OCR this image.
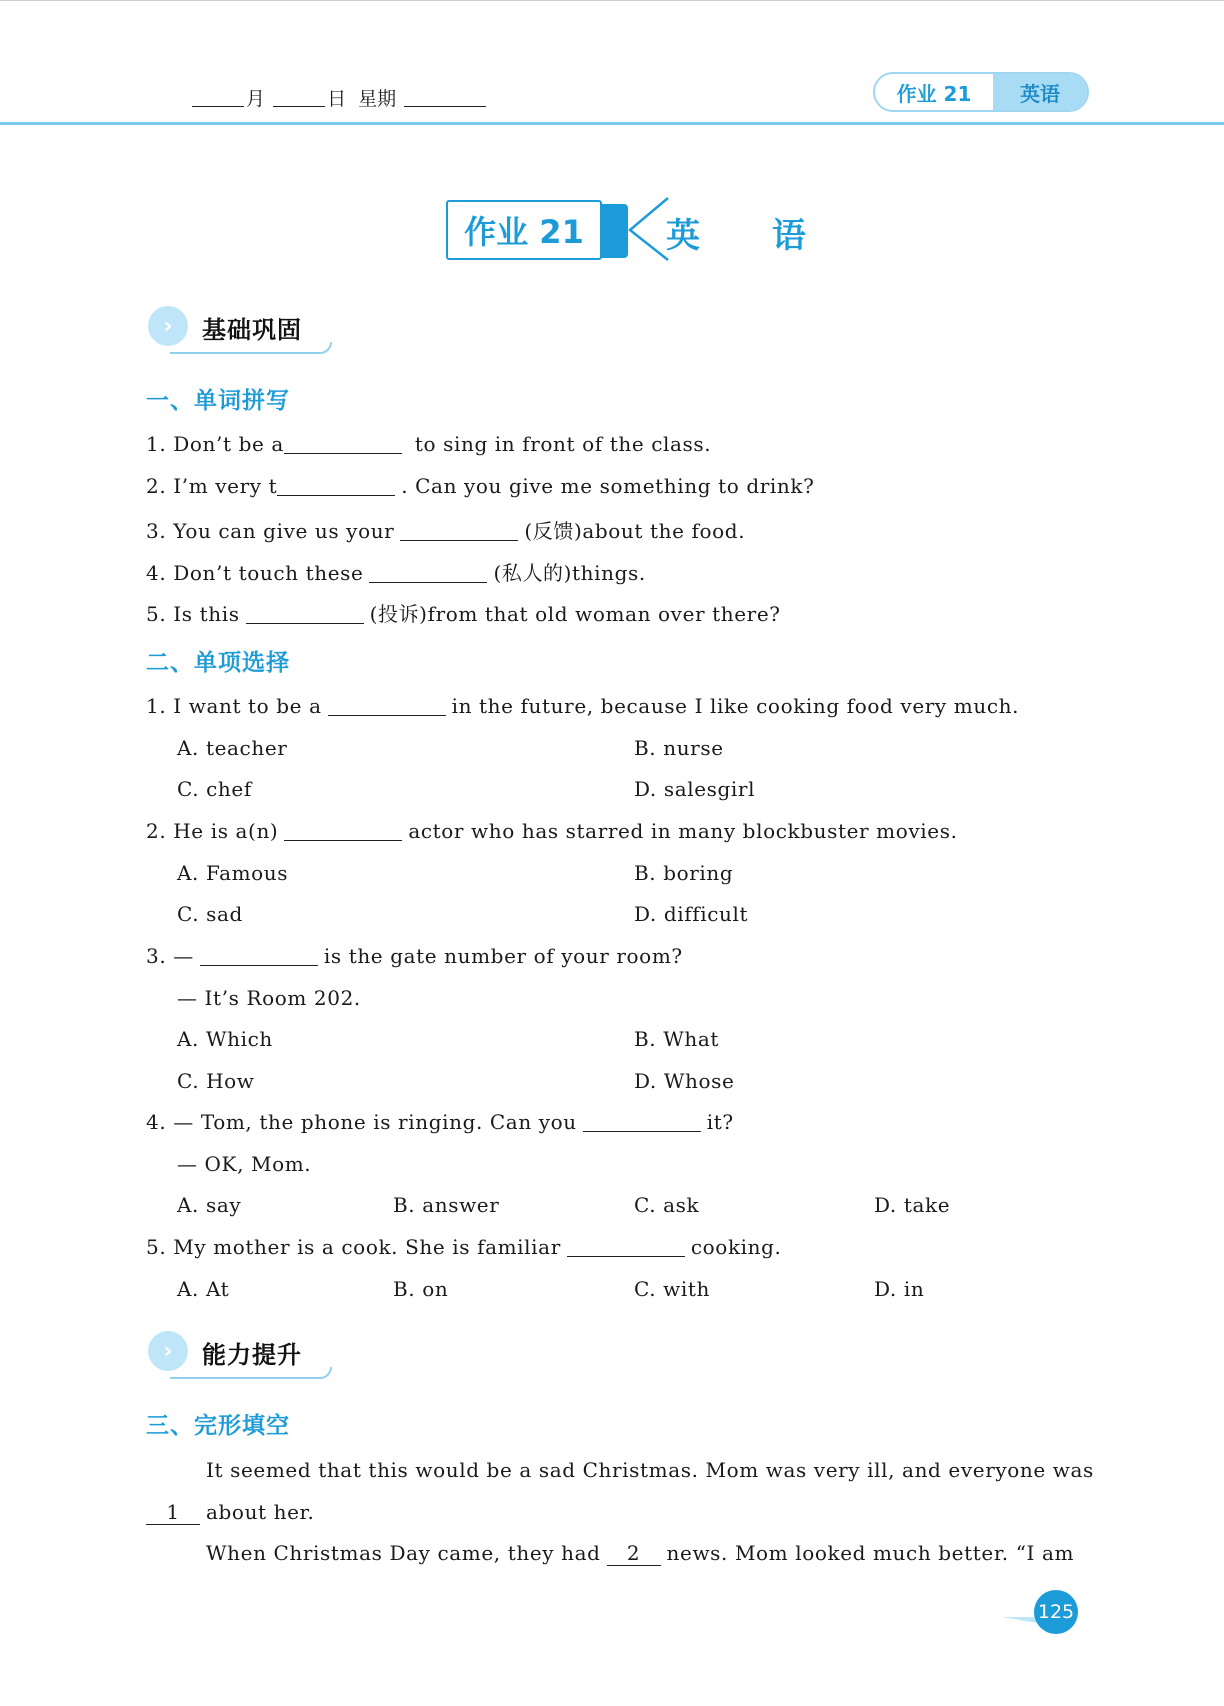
月	日 星期	作业 21	英语
作业 21	英 语
› 基础巩固
一、单词拼写
1. Don’t be a	to sing in front of the class.
2. I’m very t	. Can you give me something to drink?
3. You can give us your	(反馈)about the food.
4. Don’t touch these	(私人的)things.
5. Is this	(投诉)from that old woman over there?
二、单项选择
1. I want to be a	in the future, because I like cooking food very much.
A. teacher	B. nurse
C. chef	D. salesgirl
2. He is a(n)	actor who has starred in many blockbuster movies.
A. Famous	B. boring
C. sad	D. difficult
3. —	is the gate number of your room?
— It’s Room 202.
A. Which	B. What
C. How	D. Whose
4. — Tom, the phone is ringing. Can you	it?
— OK, Mom.
A. say	B. answer	C. ask	D. take
5. My mother is a cook. She is familiar	cooking.
A. At	B. on	C. with	D. in
› 能力提升
三、完形填空
It seemed that this would be a sad Christmas. Mom was very ill, and everyone was
1 about her.
When Christmas Day came, they had 2 news. Mom looked much better. “I am
125
